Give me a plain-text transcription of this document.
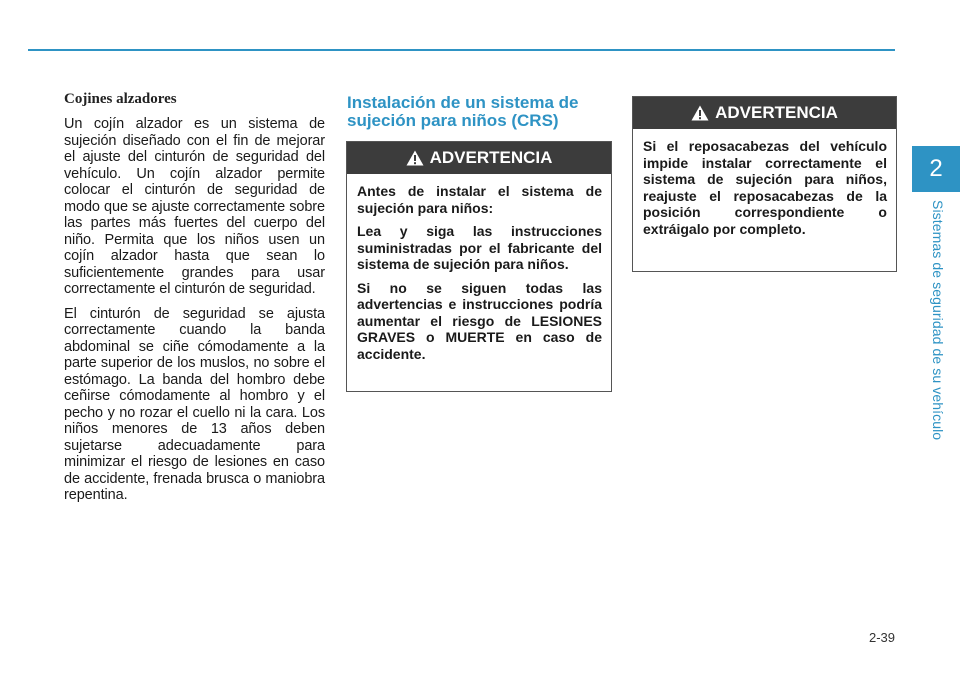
2
Sistemas de seguridad de su vehículo
Cojines alzadores

Un cojín alzador es un sistema de sujeción diseñado con el fin de mejorar el ajuste del cinturón de seguridad del vehículo. Un cojín alzador permite colocar el cinturón de seguridad de modo que se ajuste correctamente sobre las partes más fuertes del cuerpo del niño. Permita que los niños usen un cojín alzador hasta que sean lo suficientemente grandes para usar correctamente el cinturón de seguridad.

El cinturón de seguridad se ajusta correctamente cuando la banda abdominal se ciñe cómodamente a la parte superior de los muslos, no sobre el estómago. La banda del hombro debe ceñirse cómodamente al hombro y el pecho y no rozar el cuello ni la cara. Los niños menores de 13 años deben sujetarse adecuadamente para minimizar el riesgo de lesiones en caso de accidente, frenada brusca o maniobra repentina.

Instalación de un sistema de sujeción para niños (CRS)
ADVERTENCIA

Antes de instalar el sistema de sujeción para niños:

Lea y siga las instrucciones suministradas por el fabricante del sistema de sujeción para niños.

Si no se siguen todas las advertencias e instrucciones podría aumentar el riesgo de LESIONES GRAVES o MUERTE en caso de accidente.

ADVERTENCIA

Si el reposacabezas del vehículo impide instalar correctamente el sistema de sujeción para niños, reajuste el reposacabezas de la posición correspondiente o extráigalo por completo.

2-39
